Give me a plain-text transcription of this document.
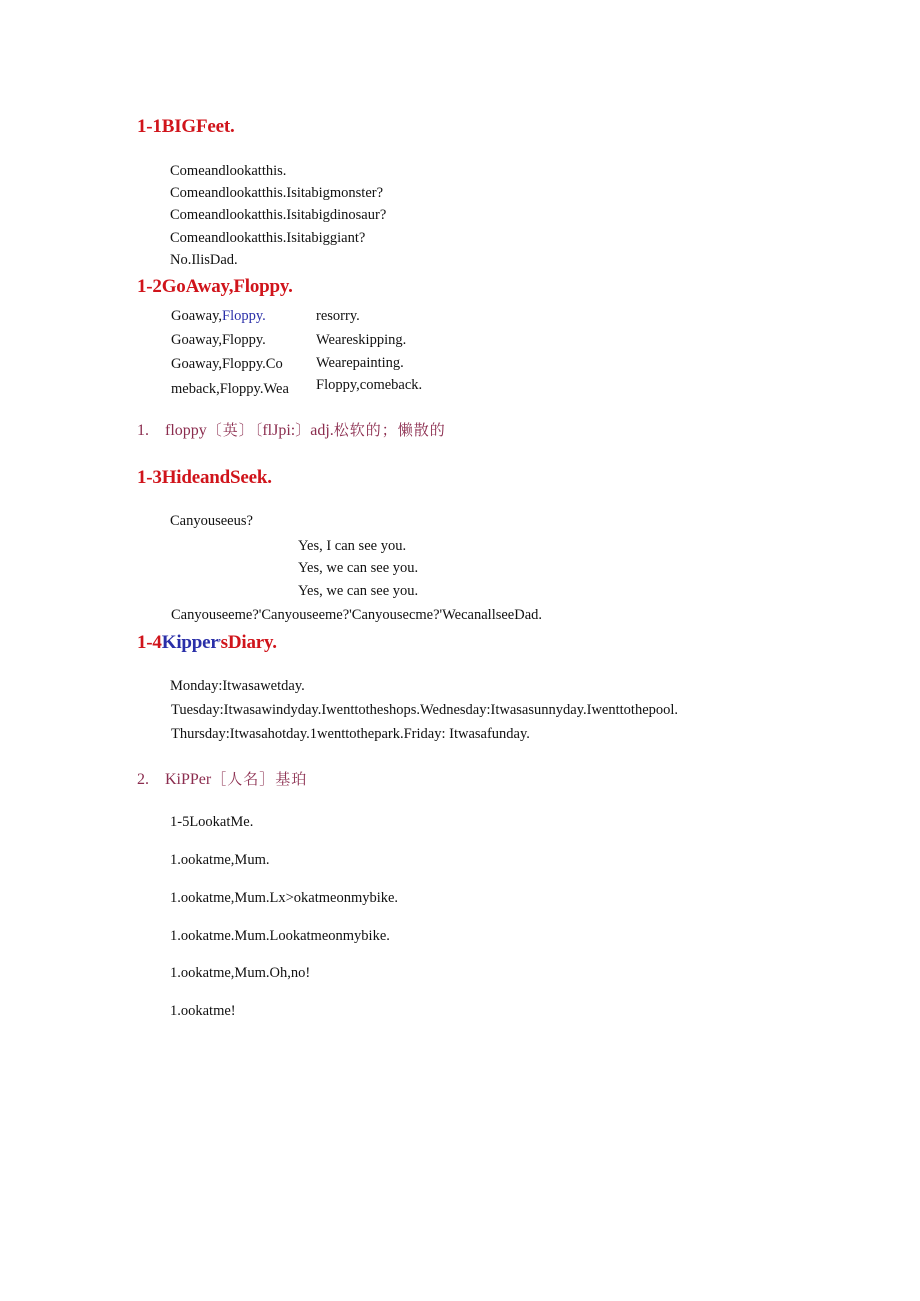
1-1BIGFeet.
Comeandlookatthis.
Comeandlookatthis.Isitabigmonster?
Comeandlookatthis.Isitabigdinosaur?
Comeandlookatthis.Isitabiggiant?
No.IlisDad.
1-2GoAway,Floppy.
Goaway,Floppy.
Goaway,Floppy.
Goaway,Floppy.Co
meback,Floppy.Wea
resorry.
Weareskipping.
Wearepainting.
Floppy,comeback.
1. floppy〔英〕〔flJpi:〕adj.松软的；懒散的
1-3HideandSeek.
Canyouseeus?
Yes, I can see you.
Yes, we can see you.
Yes, we can see you.
Canyouseeme?'Canyouseeme?'Canyousecme?'WecanallseeDad.
1-4Kipper,sDiary.
Monday:Itwasawetday.
Tuesday:Itwasawindyday.Iwenttotheshops.Wednesday:Itwasasunnyday.Iwenttothepool.
Thursday:Itwasahotday.1wenttothepark.Friday: Itwasafunday.
2. KiPPer［人名］基珀
1-5LookatMe.
1.ookatme,Mum.
1.ookatme,Mum.Lx>okatmeonmybike.
1.ookatme.Mum.Lookatmeonmybike.
1.ookatme,Mum.Oh,no!
1.ookatme!
